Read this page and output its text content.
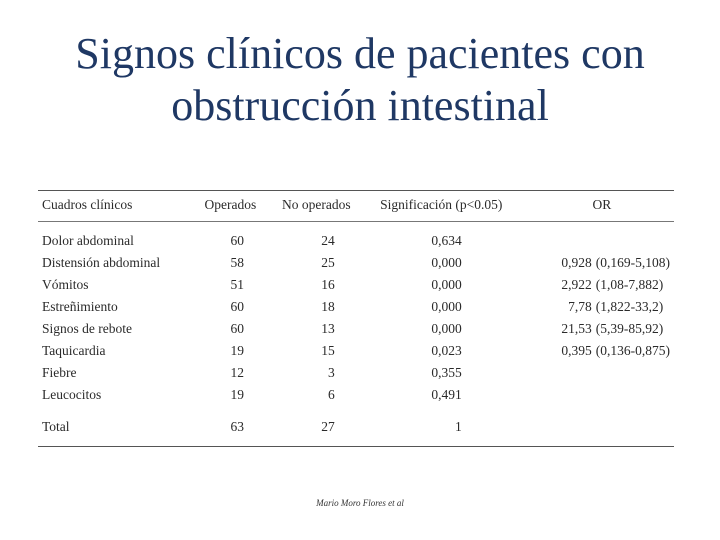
Signos clínicos de pacientes con
obstrucción intestinal
Cuadros clínicos	Operados	No operados	Significación (p<0.05)	OR
Dolor abdominal	60	24	0,634	
Distensión abdominal	58	25	0,000	0,928 (0,169-5,108)
Vómitos	51	16	0,000	2,922 (1,08-7,882)
Estreñimiento	60	18	0,000	7,78 (1,822-33,2)
Signos de rebote	60	13	0,000	21,53 (5,39-85,92)
Taquicardia	19	15	0,023	0,395 (0,136-0,875)
Fiebre	12	3	0,355	
Leucocitos	19	6	0,491	
Total	63	27	1	
Mario Moro Flores et al
